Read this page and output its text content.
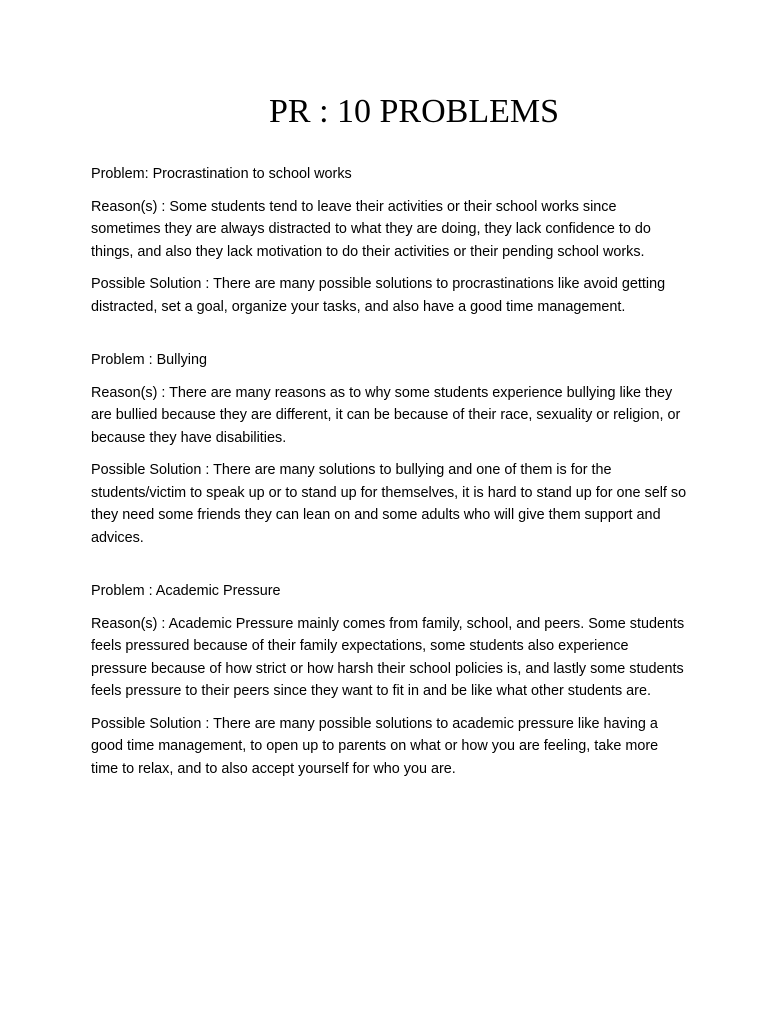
PR : 10 PROBLEMS

Problem: Procrastination to school works

Reason(s) : Some students tend to leave their activities or their school works since sometimes they are always distracted to what they are doing, they lack confidence to do things, and also they lack motivation to do their activities or their pending school works.

Possible Solution : There are many possible solutions to procrastinations like avoid getting distracted, set a goal, organize your tasks, and also have a good time management.

Problem : Bullying

Reason(s) : There are many reasons as to why some students experience bullying like they are bullied because they are different, it can be because of their race, sexuality or religion, or because they have disabilities.

Possible Solution : There are many solutions to bullying and one of them is for the students/victim to speak up or to stand up for themselves, it is hard to stand up for one self so they need some friends they can lean on and some adults who will give them support and advices.

Problem : Academic Pressure

Reason(s) : Academic Pressure mainly comes from family, school, and peers. Some students feels pressured because of their family expectations, some students also experience pressure because of how strict or how harsh their school policies is, and lastly some students feels pressure to their peers since they want to fit in and be like what other students are.

Possible Solution : There are many possible solutions to academic pressure like having a good time management, to open up to parents on what or how you are feeling, take more time to relax, and to also accept yourself for who you are.
